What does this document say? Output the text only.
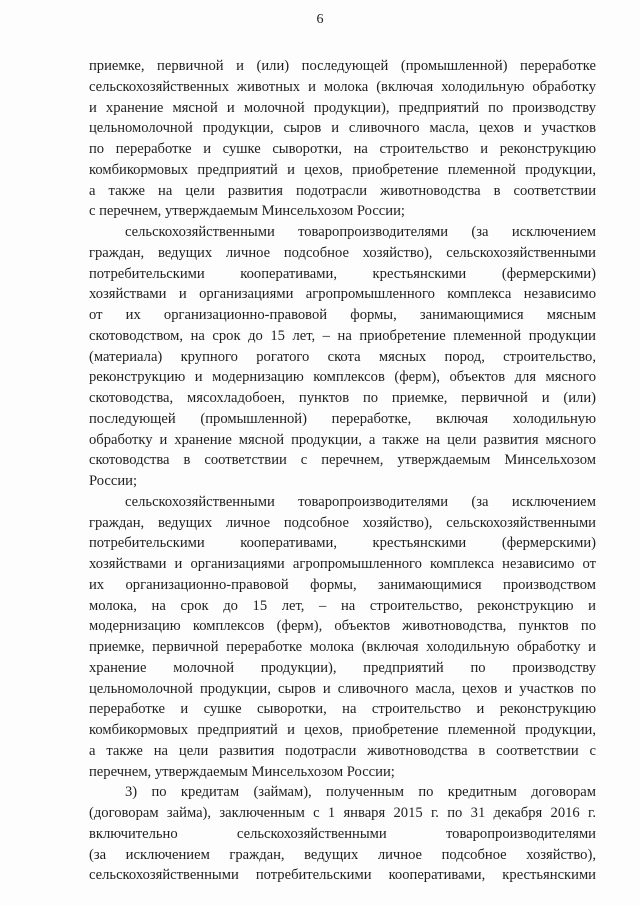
6
приемке, первичной и (или) последующей (промышленной) переработке
сельскохозяйственных животных и молока (включая холодильную обработку
и хранение мясной и молочной продукции), предприятий по производству
цельномолочной продукции, сыров и сливочного масла, цехов и участков
по переработке и сушке сыворотки, на строительство и реконструкцию
комбикормовых предприятий и цехов, приобретение племенной продукции,
а также на цели развития подотрасли животноводства в соответствии
с перечнем, утверждаемым Минсельхозом России;
сельскохозяйственными товаропроизводителями (за исключением
граждан, ведущих личное подсобное хозяйство), сельскохозяйственными
потребительскими кооперативами, крестьянскими (фермерскими)
хозяйствами и организациями агропромышленного комплекса независимо
от их организационно-правовой формы, занимающимися мясным
скотоводством, на срок до 15 лет, – на приобретение племенной продукции
(материала) крупного рогатого скота мясных пород, строительство,
реконструкцию и модернизацию комплексов (ферм), объектов для мясного
скотоводства, мясохладобоен, пунктов по приемке, первичной и (или)
последующей (промышленной) переработке, включая холодильную
обработку и хранение мясной продукции, а также на цели развития мясного
скотоводства в соответствии с перечнем, утверждаемым Минсельхозом
России;
сельскохозяйственными товаропроизводителями (за исключением
граждан, ведущих личное подсобное хозяйство), сельскохозяйственными
потребительскими кооперативами, крестьянскими (фермерскими)
хозяйствами и организациями агропромышленного комплекса независимо от
их организационно-правовой формы, занимающимися производством
молока, на срок до 15 лет, – на строительство, реконструкцию и
модернизацию комплексов (ферм), объектов животноводства, пунктов по
приемке, первичной переработке молока (включая холодильную обработку и
хранение молочной продукции), предприятий по производству
цельномолочной продукции, сыров и сливочного масла, цехов и участков по
переработке и сушке сыворотки, на строительство и реконструкцию
комбикормовых предприятий и цехов, приобретение племенной продукции,
а также на цели развития подотрасли животноводства в соответствии с
перечнем, утверждаемым Минсельхозом России;
3) по кредитам (займам), полученным по кредитным договорам
(договорам займа), заключенным с 1 января 2015 г. по 31 декабря 2016 г.
включительно сельскохозяйственными товаропроизводителями
(за исключением граждан, ведущих личное подсобное хозяйство),
сельскохозяйственными потребительскими кооперативами, крестьянскими
